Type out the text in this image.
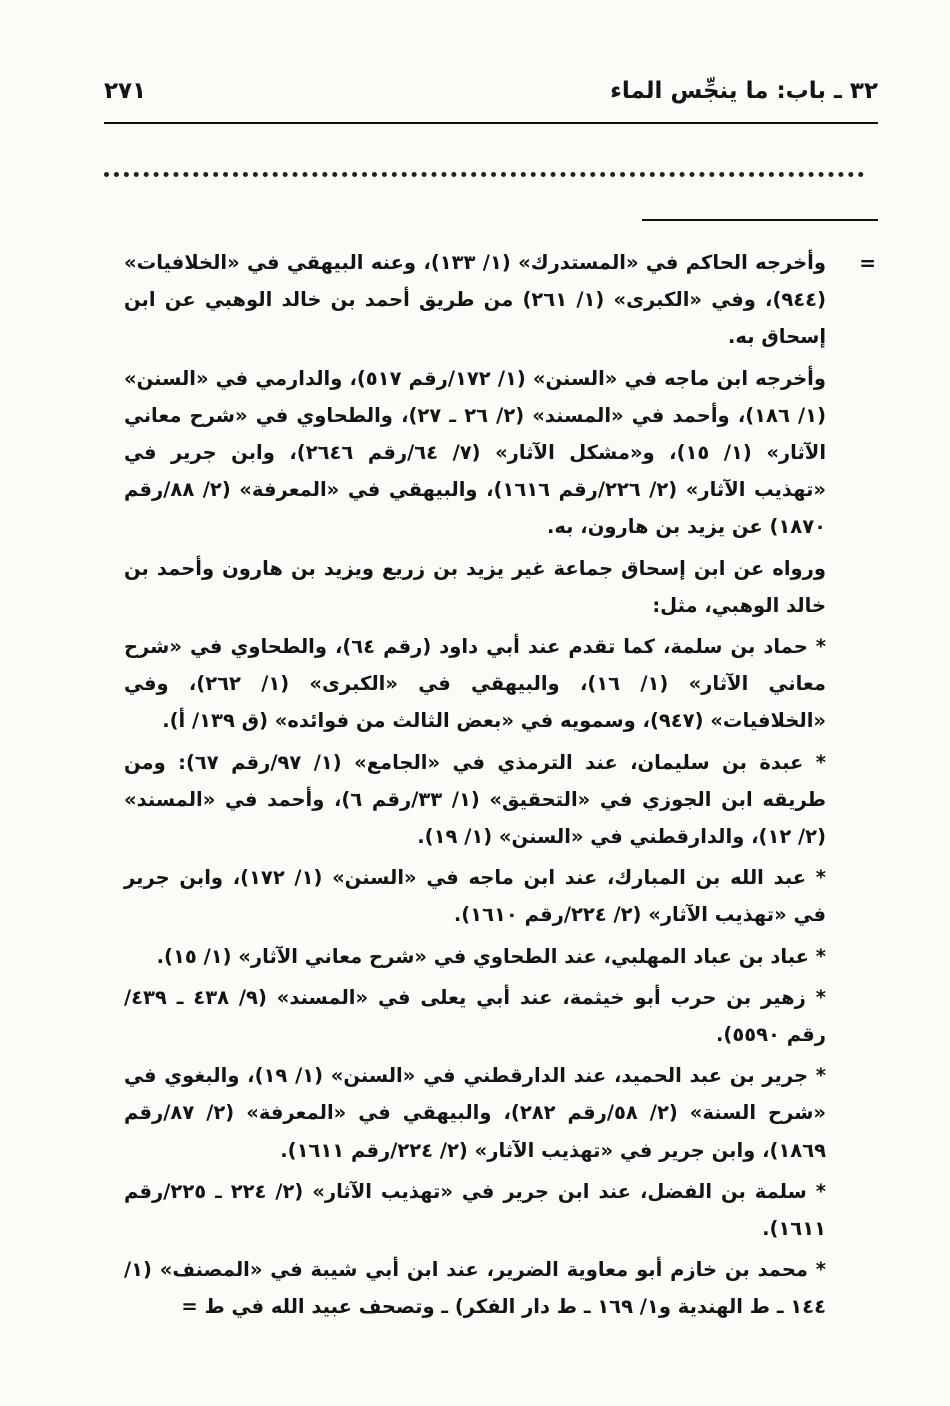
٣٢ ـ باب: ما ينجِّس الماء
٢٧١
=

وأخرجه الحاكم في «المستدرك» (١/ ١٣٣)، وعنه البيهقي في «الخلافيات» (٩٤٤)، وفي «الكبرى» (١/ ٢٦١) من طريق أحمد بن خالد الوهبي عن ابن إسحاق به.

وأخرجه ابن ماجه في «السنن» (١/ ١٧٢/رقم ٥١٧)، والدارمي في «السنن» (١/ ١٨٦)، وأحمد في «المسند» (٢/ ٢٦ ـ ٢٧)، والطحاوي في «شرح معاني الآثار» (١/ ١٥)، و«مشكل الآثار» (٧/ ٦٤/رقم ٢٦٤٦)، وابن جرير في «تهذيب الآثار» (٢/ ٢٢٦/رقم ١٦١٦)، والبيهقي في «المعرفة» (٢/ ٨٨/رقم ١٨٧٠) عن يزيد بن هارون، به.

ورواه عن ابن إسحاق جماعة غير يزيد بن زريع ويزيد بن هارون وأحمد بن خالد الوهبي، مثل:

* حماد بن سلمة، كما تقدم عند أبي داود (رقم ٦٤)، والطحاوي في «شرح معاني الآثار» (١/ ١٦)، والبيهقي في «الكبرى» (١/ ٢٦٢)، وفي «الخلافيات» (٩٤٧)، وسمويه في «بعض الثالث من فوائده» (ق ١٣٩/ أ).

* عبدة بن سليمان، عند الترمذي في «الجامع» (١/ ٩٧/رقم ٦٧): ومن طريقه ابن الجوزي في «التحقيق» (١/ ٣٣/رقم ٦)، وأحمد في «المسند» (٢/ ١٢)، والدارقطني في «السنن» (١/ ١٩).

* عبد الله بن المبارك، عند ابن ماجه في «السنن» (١/ ١٧٢)، وابن جرير في «تهذيب الآثار» (٢/ ٢٢٤/رقم ١٦١٠).

* عباد بن عباد المهلبي، عند الطحاوي في «شرح معاني الآثار» (١/ ١٥).

* زهير بن حرب أبو خيثمة، عند أبي يعلى في «المسند» (٩/ ٤٣٨ ـ ٤٣٩/ رقم ٥٥٩٠).

* جرير بن عبد الحميد، عند الدارقطني في «السنن» (١/ ١٩)، والبغوي في «شرح السنة» (٢/ ٥٨/رقم ٢٨٢)، والبيهقي في «المعرفة» (٢/ ٨٧/رقم ١٨٦٩)، وابن جرير في «تهذيب الآثار» (٢/ ٢٢٤/رقم ١٦١١).

* سلمة بن الفضل، عند ابن جرير في «تهذيب الآثار» (٢/ ٢٢٤ ـ ٢٢٥/رقم ١٦١١).

* محمد بن خازم أبو معاوية الضرير، عند ابن أبي شيبة في «المصنف» (١/ ١٤٤ ـ ط الهندية و١/ ١٦٩ ـ ط دار الفكر) ـ وتصحف عبيد الله في ط =
